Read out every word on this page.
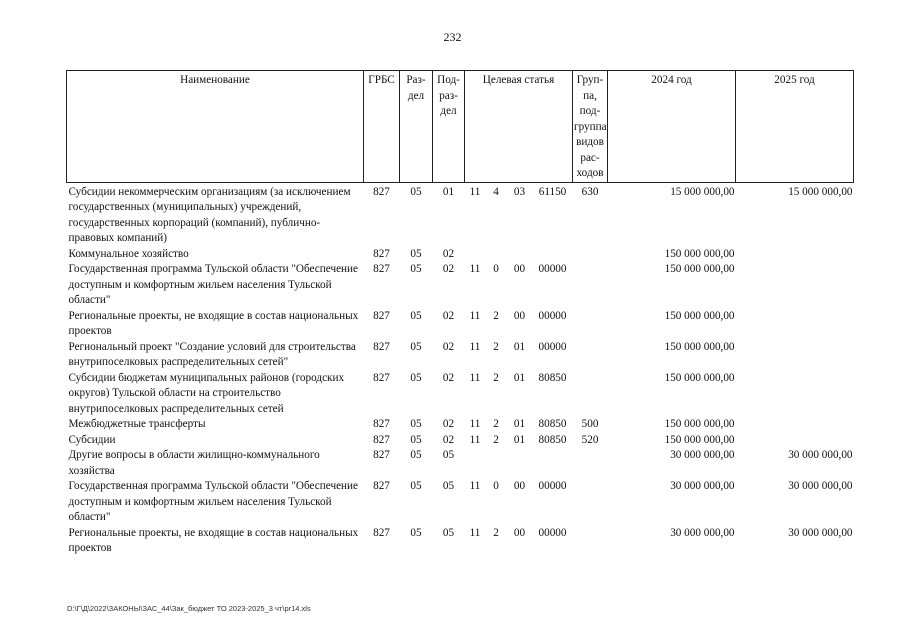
232
Наименование	ГРБС	Раз-дел	Под-раз-дел	Целевая статья				Груп-па, под-группа видов рас-ходов	2024 год	2025 год
Субсидии некоммерческим организациям (за исключением государственных (муниципальных) учреждений, государственных корпораций (компаний), публично-правовых компаний)	827	05	01	11	4	03	61150	630	15 000 000,00	15 000 000,00
Коммунальное хозяйство	827	05	02						150 000 000,00	
Государственная программа Тульской области "Обеспечение доступным и комфортным жильем населения Тульской области"	827	05	02	11	0	00	00000		150 000 000,00	
Региональные проекты, не входящие в состав национальных проектов	827	05	02	11	2	00	00000		150 000 000,00	
Региональный проект "Создание условий для строительства внутрипоселковых распределительных сетей"	827	05	02	11	2	01	00000		150 000 000,00	
Субсидии бюджетам муниципальных районов (городских округов) Тульской области на строительство внутрипоселковых распределительных сетей	827	05	02	11	2	01	80850		150 000 000,00	
Межбюджетные трансферты	827	05	02	11	2	01	80850	500	150 000 000,00	
Субсидии	827	05	02	11	2	01	80850	520	150 000 000,00	
Другие вопросы в области жилищно-коммунального хозяйства	827	05	05						30 000 000,00	30 000 000,00
Государственная программа Тульской области "Обеспечение доступным и комфортным жильем населения Тульской области"	827	05	05	11	0	00	00000		30 000 000,00	30 000 000,00
Региональные проекты, не входящие в состав национальных проектов	827	05	05	11	2	00	00000		30 000 000,00	30 000 000,00
D:\Г\Д\2022\ЗАКОНЫ\ЗАС_44\Зак_бюджет ТО 2023-2025_3 чт\pr14.xls
